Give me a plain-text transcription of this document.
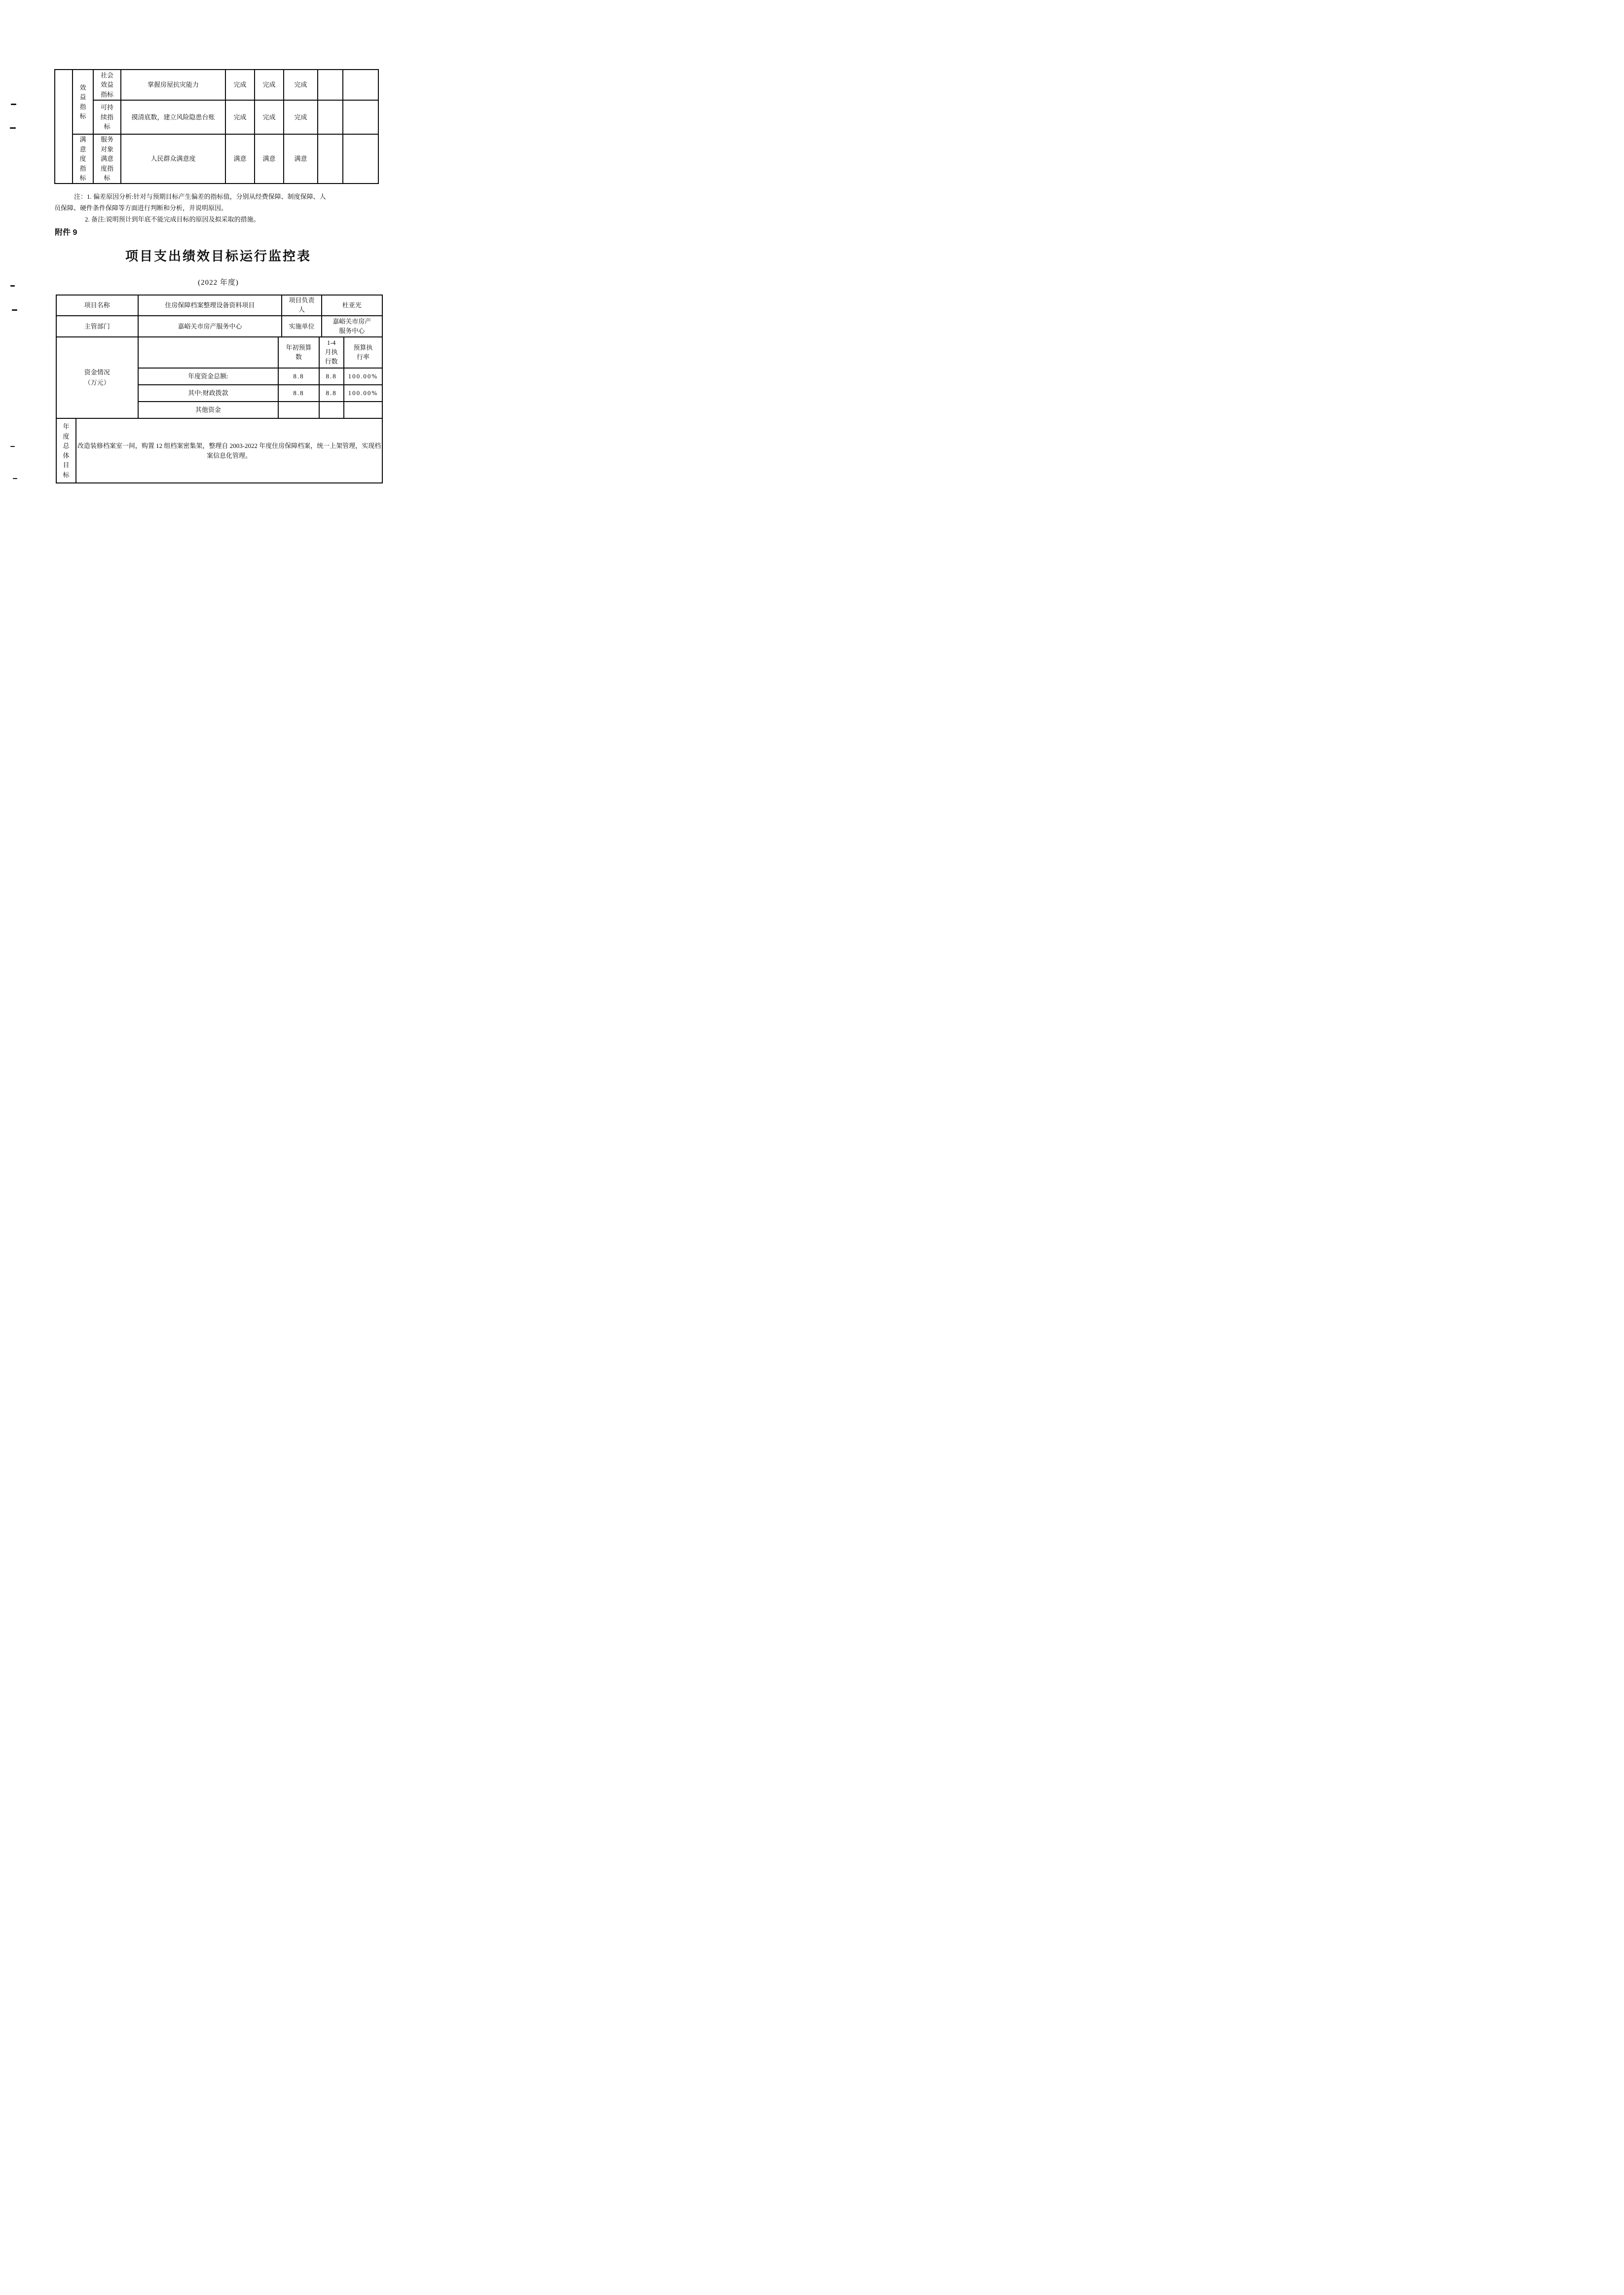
	效益指标	社会效益指标	掌握房屋抗灾能力	完成	完成	完成		
		可持续指标	摸清底数，建立风险隐患台账	完成	完成	完成		
	满意度指标	服务对象满意度指标	人民群众满意度	满意	满意	满意		
注：1. 偏差原因分析:针对与预期目标产生偏差的指标值，分别从经费保障、制度保障、人
员保障、硬件条件保障等方面进行判断和分析，并说明原因。
2. 备注:说明预计到年底不能完成目标的原因及拟采取的措施。
附件 9
项目支出绩效目标运行监控表
(2022 年度)
项目名称	住房保障档案整理设备资料项目	项目负责人	杜亚光
主管部门	嘉峪关市房产服务中心	实施单位	嘉峪关市房产服务中心
资金情况（万元）		年初预算数	1-4月执行数	预算执行率
	年度资金总额:	8.8	8.8	100.00%
	其中:财政拨款	8.8	8.8	100.00%
	其他资金			
年度总体目标	改造装修档案室一间，购置 12 组档案密集架，整理自 2003-2022 年度住房保障档案，统一上架管理，实现档案信息化管理。
